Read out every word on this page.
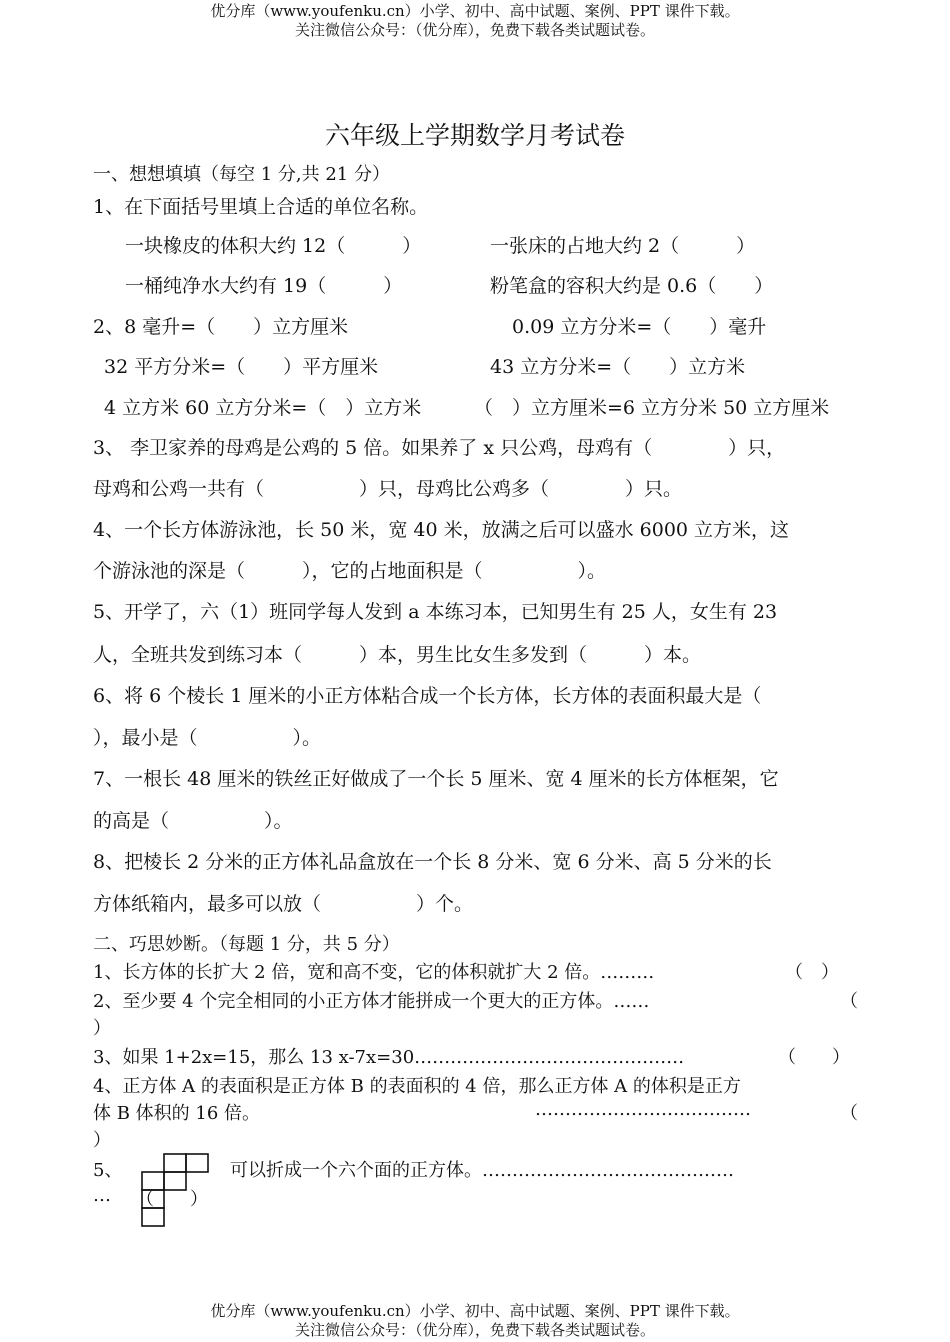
优分库（www.youfenku.cn）小学、初中、高中试题、案例、PPT 课件下载。
关注微信公众号：（优分库），免费下载各类试题试卷。
六年级上学期数学月考试卷
一、想想填填（每空 1 分,共 21 分）
1、在下面括号里填上合适的单位名称。
一块橡皮的体积大约 12（　　　）	一张床的占地大约 2（　　　）
一桶纯净水大约有 19（　　　）	粉笔盒的容积大约是 0.6（　　）
2、8 毫升=（　　）立方厘米	0.09 立方分米=（　　）毫升
32 平方分米=（　　）平方厘米	43 立方分米=（　　）立方米
4 立方米 60 立方分米=（　）立方米	（　）立方厘米=6 立方分米 50 立方厘米
3、 李卫家养的母鸡是公鸡的 5 倍。如果养了 x 只公鸡，母鸡有（　　　　）只，
母鸡和公鸡一共有（　　　　　）只，母鸡比公鸡多（　　　　）只。
4、一个长方体游泳池，长 50 米，宽 40 米，放满之后可以盛水 6000 立方米，这
个游泳池的深是（　　　），它的占地面积是（　　　　　）。
5、开学了，六（1）班同学每人发到 a 本练习本，已知男生有 25 人，女生有 23
人，全班共发到练习本（　　　）本，男生比女生多发到（　　　）本。
6、将 6 个棱长 1 厘米的小正方体粘合成一个长方体，长方体的表面积最大是（
），最小是（　　　　　）。
7、一根长 48 厘米的铁丝正好做成了一个长 5 厘米、宽 4 厘米的长方体框架，它
的高是（　　　　　）。
8、把棱长 2 分米的正方体礼品盒放在一个长 8 分米、宽 6 分米、高 5 分米的长
方体纸箱内，最多可以放（　　　　　）个。
二、巧思妙断。（每题 1 分，共 5 分）
1、长方体的长扩大 2 倍，宽和高不变，它的体积就扩大 2 倍。………	（　）
2、至少要 4 个完全相同的小正方体才能拼成一个更大的正方体。……	（
）
3、如果 1+2x=15，那么 13 x-7x=30………………………………………	（　　）
4、正方体 A 的表面积是正方体 B 的表面积的 4 倍，那么正方体 A 的体积是正方
体 B 体积的 16 倍。	………………………………	（
）
5、	可以折成一个六个面的正方体。……………………………………
… （　　）
优分库（www.youfenku.cn）小学、初中、高中试题、案例、PPT 课件下载。
关注微信公众号：（优分库），免费下载各类试题试卷。
